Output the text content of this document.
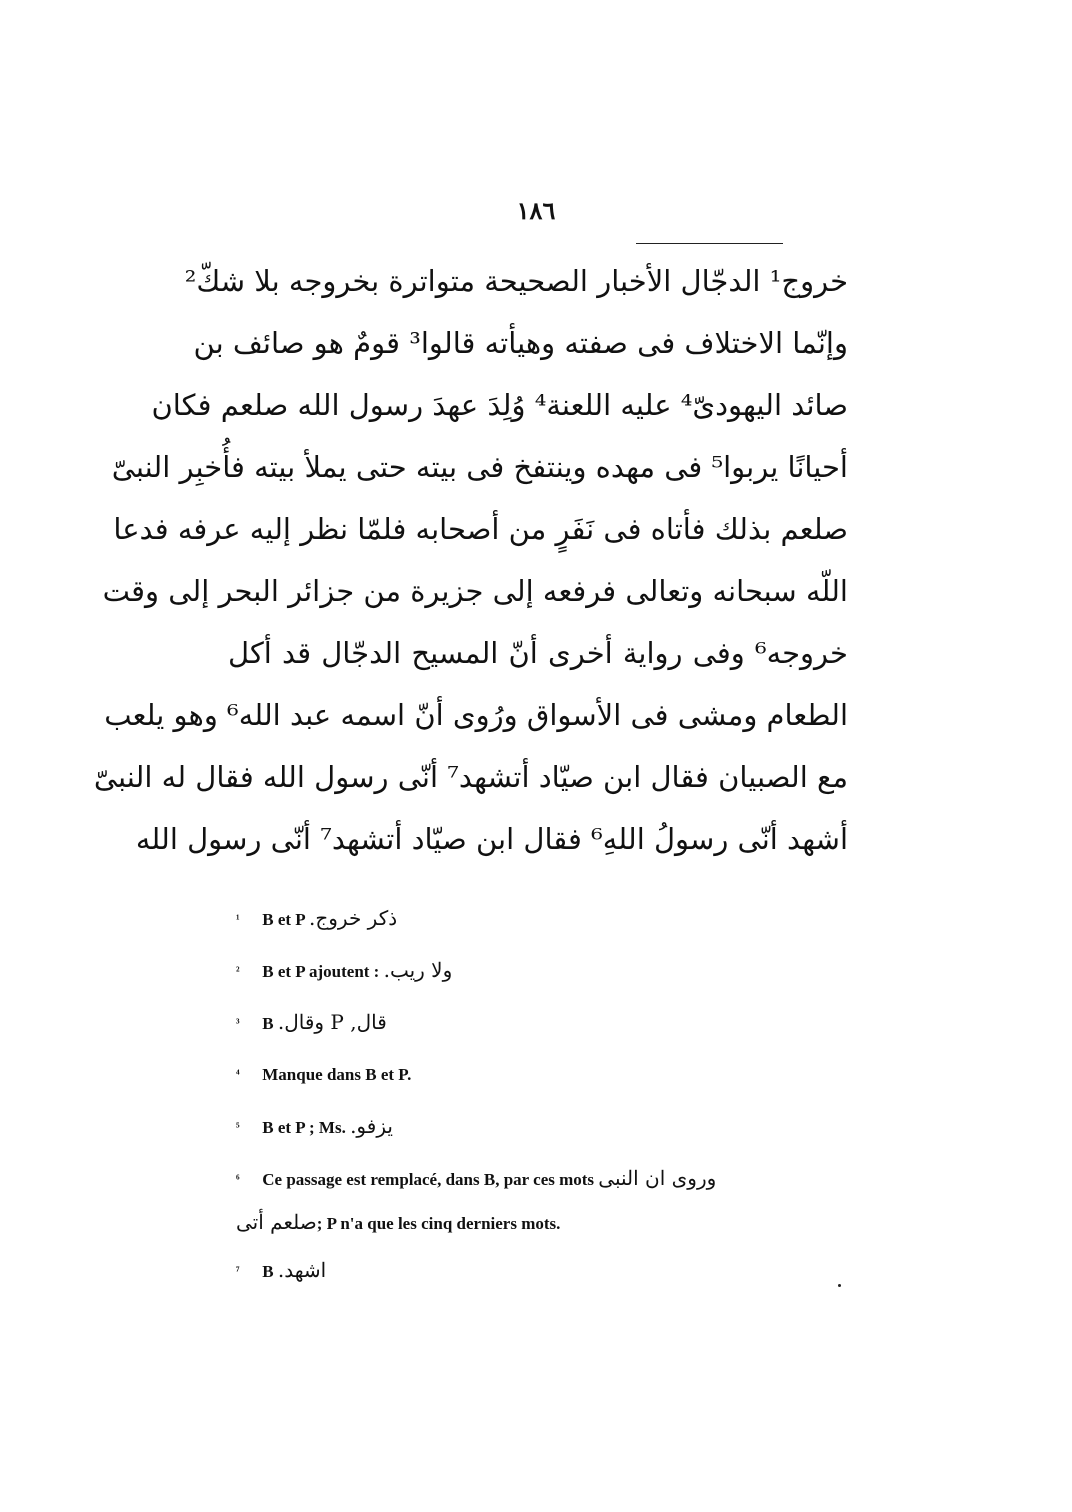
١٨٦
خروج¹ الدجّال الأخبار الصحيحة متواترة بخروجه بلا شكّ²
وإنّما الاختلاف فى صفته وهيأته قالوا³ قومٌ هو صائف بن
صائد اليهودىّ⁴ عليه اللعنة⁴ وُلِدَ عهدَ رسول الله صلعم فكان
أحيانًا يربوا⁵ فى مهده وينتفخ فى بيته حتى يملأ بيته فأُخبِر النبىّ
صلعم بذلك فأتاه فى نَفَرٍ من أصحابه فلمّا نظر إليه عرفه فدعا
اللّه سبحانه وتعالى فرفعه إلى جزيرة من جزائر البحر إلى وقت
خروجه⁶ وفى رواية أخرى أنّ المسيح الدجّال قد أكل
الطعام ومشى فى الأسواق ورُوى أنّ اسمه عبد الله⁶ وهو يلعب
مع الصبيان فقال ابن صيّاد أتشهد⁷ أنّى رسول الله فقال له النبىّ
أشهد أنّى رسولُ اللهِ⁶ فقال ابن صيّاد أتشهد⁷ أنّى رسول الله
¹ B et P ذكر خروج.
² B et P ajoutent : ولا ريب.
³ B قال, P وقال.
⁴ Manque dans B et P.
⁵ B et P ; Ms. يزفو.
⁶ Ce passage est remplacé, dans B, par ces mots وروى ان النبى
صلعم أتى; P n'a que les cinq derniers mots.
⁷ B اشهد.
